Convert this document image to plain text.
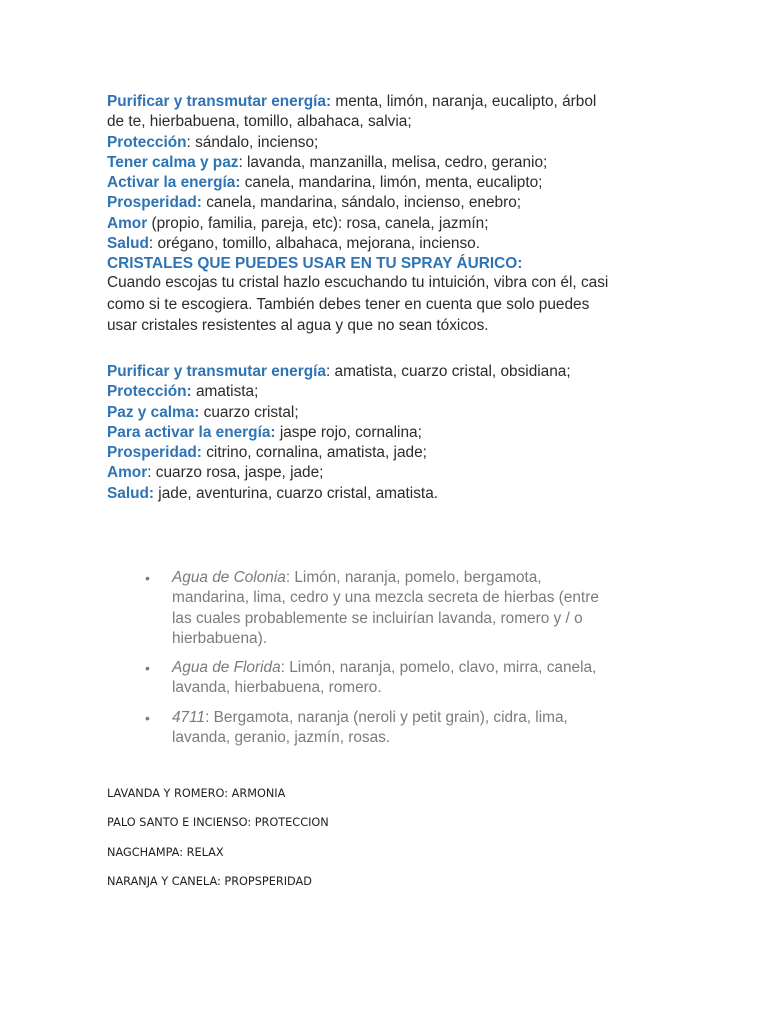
Purificar y transmutar energía: menta, limón, naranja, eucalipto, árbol
de te, hierbabuena, tomillo, albahaca, salvia;
Protección: sándalo, incienso;
Tener calma y paz: lavanda, manzanilla, melisa, cedro, geranio;
Activar la energía: canela, mandarina, limón, menta, eucalipto;
Prosperidad: canela, mandarina, sándalo, incienso, enebro;
Amor (propio, familia, pareja, etc): rosa, canela, jazmín;
Salud: orégano, tomillo, albahaca, mejorana, incienso.
CRISTALES QUE PUEDES USAR EN TU SPRAY ÁURICO:
Cuando escojas tu cristal hazlo escuchando tu intuición, vibra con él, casi
como si te escogiera. También debes tener en cuenta que solo puedes
usar cristales resistentes al agua y que no sean tóxicos.
Purificar y transmutar energía: amatista, cuarzo cristal, obsidiana;
Protección: amatista;
Paz y calma: cuarzo cristal;
Para activar la energía: jaspe rojo, cornalina;
Prosperidad: citrino, cornalina, amatista, jade;
Amor: cuarzo rosa, jaspe, jade;
Salud: jade, aventurina, cuarzo cristal, amatista.
• Agua de Colonia: Limón, naranja, pomelo, bergamota,
mandarina, lima, cedro y una mezcla secreta de hierbas (entre
las cuales probablemente se incluirían lavanda, romero y / o
hierbabuena).
• Agua de Florida: Limón, naranja, pomelo, clavo, mirra, canela,
lavanda, hierbabuena, romero.
• 4711: Bergamota, naranja (neroli y petit grain), cidra, lima,
lavanda, geranio, jazmín, rosas.
LAVANDA Y ROMERO: ARMONIA
PALO SANTO E INCIENSO: PROTECCION
NAGCHAMPA: RELAX
NARANJA Y CANELA: PROPSPERIDAD
